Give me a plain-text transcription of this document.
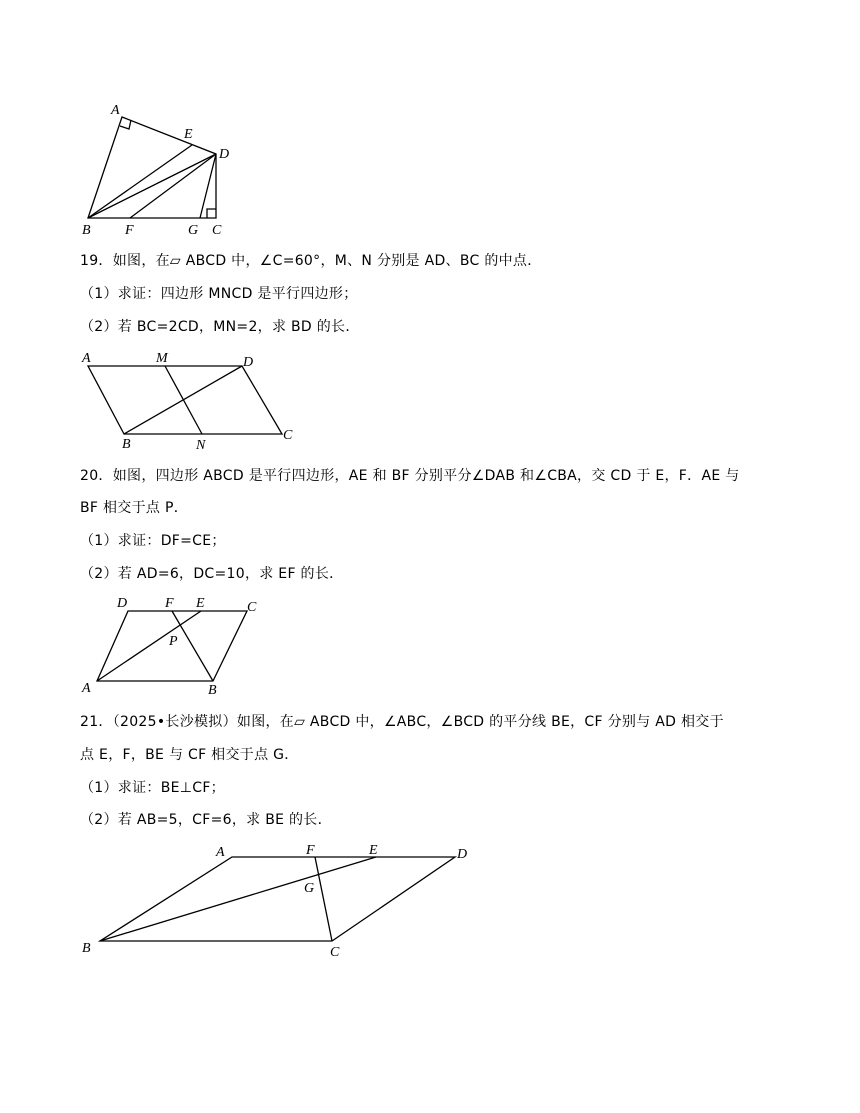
A
E
D
B F	G C
19．如图，在▱ ABCD 中，∠C=60°，M、N 分别是 AD、BC 的中点．
（1）求证：四边形 MNCD 是平行四边形；
（2）若 BC=2CD，MN=2，求 BD 的长．
A	M	D
B	N
C
20．如图，四边形 ABCD 是平行四边形，AE 和 BF 分别平分∠DAB 和∠CBA，交 CD 于 E，F．AE 与
BF 相交于点 P．
（1）求证：DF=CE；
（2）若 AD=6，DC=10，求 EF 的长．
D	F E	C
P
A	B
21．（2025•长沙模拟）如图，在▱ ABCD 中，∠ABC，∠BCD 的平分线 BE，CF 分别与 AD 相交于
点 E，F，BE 与 CF 相交于点 G．
（1）求证：BE⊥CF；
（2）若 AB=5，CF=6，求 BE 的长．
A	F	E	D
G
B	C
